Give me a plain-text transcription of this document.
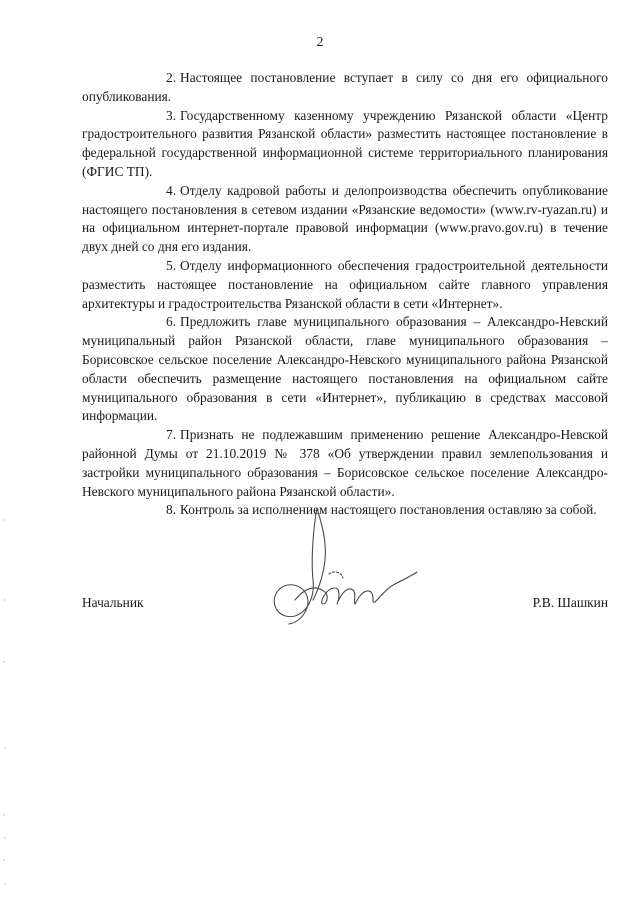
2

2. Настоящее постановление вступает в силу со дня его официального опубликования.

3. Государственному казенному учреждению Рязанской области «Центр градостроительного развития Рязанской области» разместить настоящее постановление в федеральной государственной информационной системе территориального планирования (ФГИС ТП).

4. Отделу кадровой работы и делопроизводства обеспечить опубликование настоящего постановления в сетевом издании «Рязанские ведомости» (www.rv-ryazan.ru) и на официальном интернет-портале правовой информации (www.pravo.gov.ru) в течение двух дней со дня его издания.

5. Отделу информационного обеспечения градостроительной деятельности разместить настоящее постановление на официальном сайте главного управления архитектуры и градостроительства Рязанской области в сети «Интернет».

6. Предложить главе муниципального образования – Александро-Невский муниципальный район Рязанской области, главе муниципального образования – Борисовское сельское поселение Александро-Невского муниципального района Рязанской области обеспечить размещение настоящего постановления на официальном сайте муниципального образования в сети «Интернет», публикацию в средствах массовой информации.

7. Признать не подлежавшим применению решение Александро-Невской районной Думы от 21.10.2019 № 378 «Об утверждении правил землепользования и застройки муниципального образования – Борисовское сельское поселение Александро-Невского муниципального района Рязанской области».

8. Контроль за исполнением настоящего постановления оставляю за собой.

Начальник	Р.В. Шашкин
